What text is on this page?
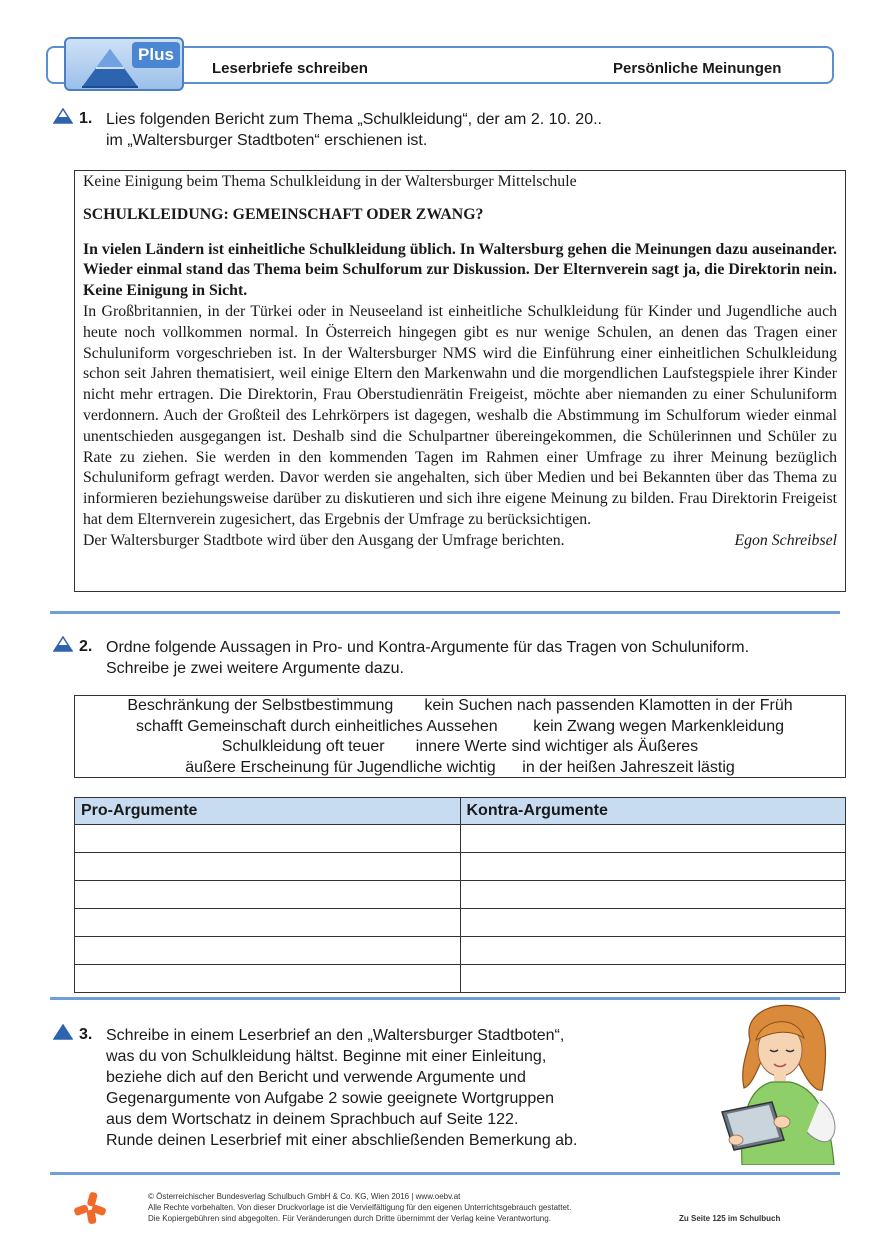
Plus
Leserbriefe schreiben	Persönliche Meinungen
1. Lies folgenden Bericht zum Thema „Schulkleidung“, der am 2. 10. 20..
im „Waltersburger Stadtboten“ erschienen ist.

Keine Einigung beim Thema Schulkleidung in der Waltersburger Mittelschule

SCHULKLEIDUNG: GEMEINSCHAFT ODER ZWANG?

In vielen Ländern ist einheitliche Schulkleidung üblich. In Waltersburg gehen die Meinungen dazu auseinander. Wieder einmal stand das Thema beim Schulforum zur Diskussion. Der Elternverein sagt ja, die Direktorin nein. Keine Einigung in Sicht.

In Großbritannien, in der Türkei oder in Neuseeland ist einheitliche Schulkleidung für Kinder und Jugendliche auch heute noch vollkommen normal. In Österreich hingegen gibt es nur wenige Schulen, an denen das Tragen einer Schuluniform vorgeschrieben ist. In der Waltersburger NMS wird die Einführung einer einheitlichen Schulkleidung schon seit Jahren thematisiert, weil einige Eltern den Markenwahn und die morgendlichen Laufstegspiele ihrer Kinder nicht mehr ertragen. Die Direktorin, Frau Oberstudienrätin Freigeist, möchte aber niemanden zu einer Schuluniform verdonnern. Auch der Großteil des Lehrkörpers ist dagegen, weshalb die Abstimmung im Schulforum wieder einmal unentschieden ausgegangen ist. Deshalb sind die Schulpartner übereingekommen, die Schülerinnen und Schüler zu Rate zu ziehen. Sie werden in den kommenden Tagen im Rahmen einer Umfrage zu ihrer Meinung bezüglich Schuluniform gefragt werden. Davor werden sie angehalten, sich über Medien und bei Bekannten über das Thema zu informieren beziehungsweise darüber zu diskutieren und sich ihre eigene Meinung zu bilden. Frau Direktorin Freigeist hat dem Elternverein zugesichert, das Ergebnis der Umfrage zu berücksichtigen.

Der Waltersburger Stadtbote wird über den Ausgang der Umfrage berichten.	Egon Schreibsel

2. Ordne folgende Aussagen in Pro- und Kontra-Argumente für das Tragen von Schuluniform.
Schreibe je zwei weitere Argumente dazu.
Beschränkung der Selbstbestimmung       kein Suchen nach passenden Klamotten in der Früh
schafft Gemeinschaft durch einheitliches Aussehen        kein Zwang wegen Markenkleidung
Schulkleidung oft teuer       innere Werte sind wichtiger als Äußeres
äußere Erscheinung für Jugendliche wichtig      in der heißen Jahreszeit lästig
Pro-Argumente	Kontra-Argumente

3. Schreibe in einem Leserbrief an den „Waltersburger Stadtboten“,
was du von Schulkleidung hältst. Beginne mit einer Einleitung,
beziehe dich auf den Bericht und verwende Argumente und
Gegenargumente von Aufgabe 2 sowie geeignete Wortgruppen
aus dem Wortschatz in deinem Sprachbuch auf Seite 122.
Runde deinen Leserbrief mit einer abschließenden Bemerkung ab.
© Österreichischer Bundesverlag Schulbuch GmbH & Co. KG, Wien 2016 | www.oebv.at
Alle Rechte vorbehalten. Von dieser Druckvorlage ist die Vervielfältigung für den eigenen Unterrichtsgebrauch gestattet.
Die Kopiergebühren sind abgegolten. Für Veränderungen durch Dritte übernimmt der Verlag keine Verantwortung.	Zu Seite 125 im Schulbuch
